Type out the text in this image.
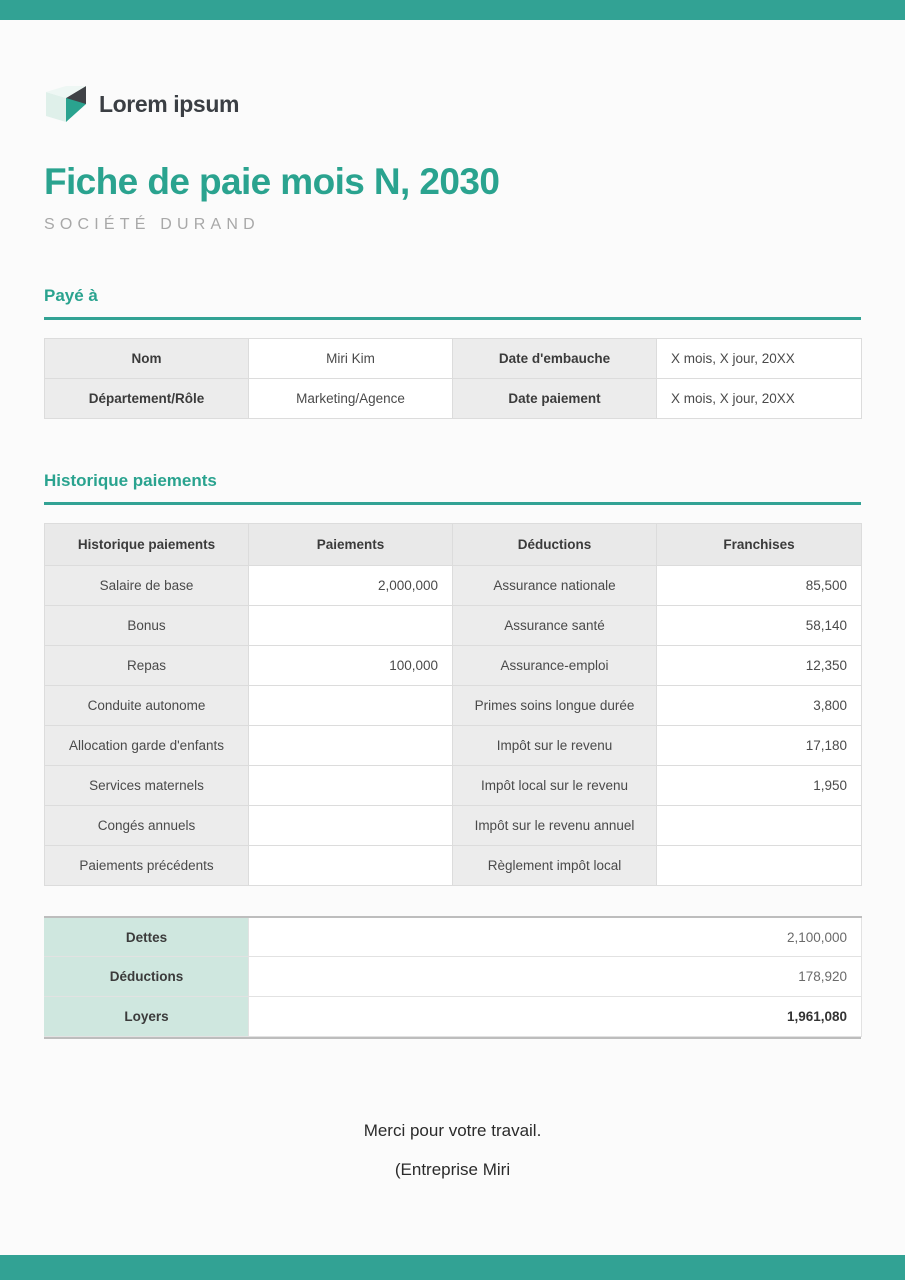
Lorem ipsum
Fiche de paie mois N, 2030
SOCIÉTÉ DURAND
Payé à
Nom	Miri Kim	Date d'embauche	X mois, X jour, 20XX
Département/Rôle	Marketing/Agence	Date paiement	X mois, X jour, 20XX
Historique paiements
Historique paiements	Paiements	Déductions	Franchises
Salaire de base	2,000,000	Assurance nationale	85,500
Bonus		Assurance santé	58,140
Repas	100,000	Assurance-emploi	12,350
Conduite autonome		Primes soins longue durée	3,800
Allocation garde d'enfants		Impôt sur le revenu	17,180
Services maternels		Impôt local sur le revenu	1,950
Congés annuels		Impôt sur le revenu annuel	
Paiements précédents		Règlement impôt local	
Dettes	2,100,000
Déductions	178,920
Loyers	1,961,080
Merci pour votre travail.
(Entreprise Miri
